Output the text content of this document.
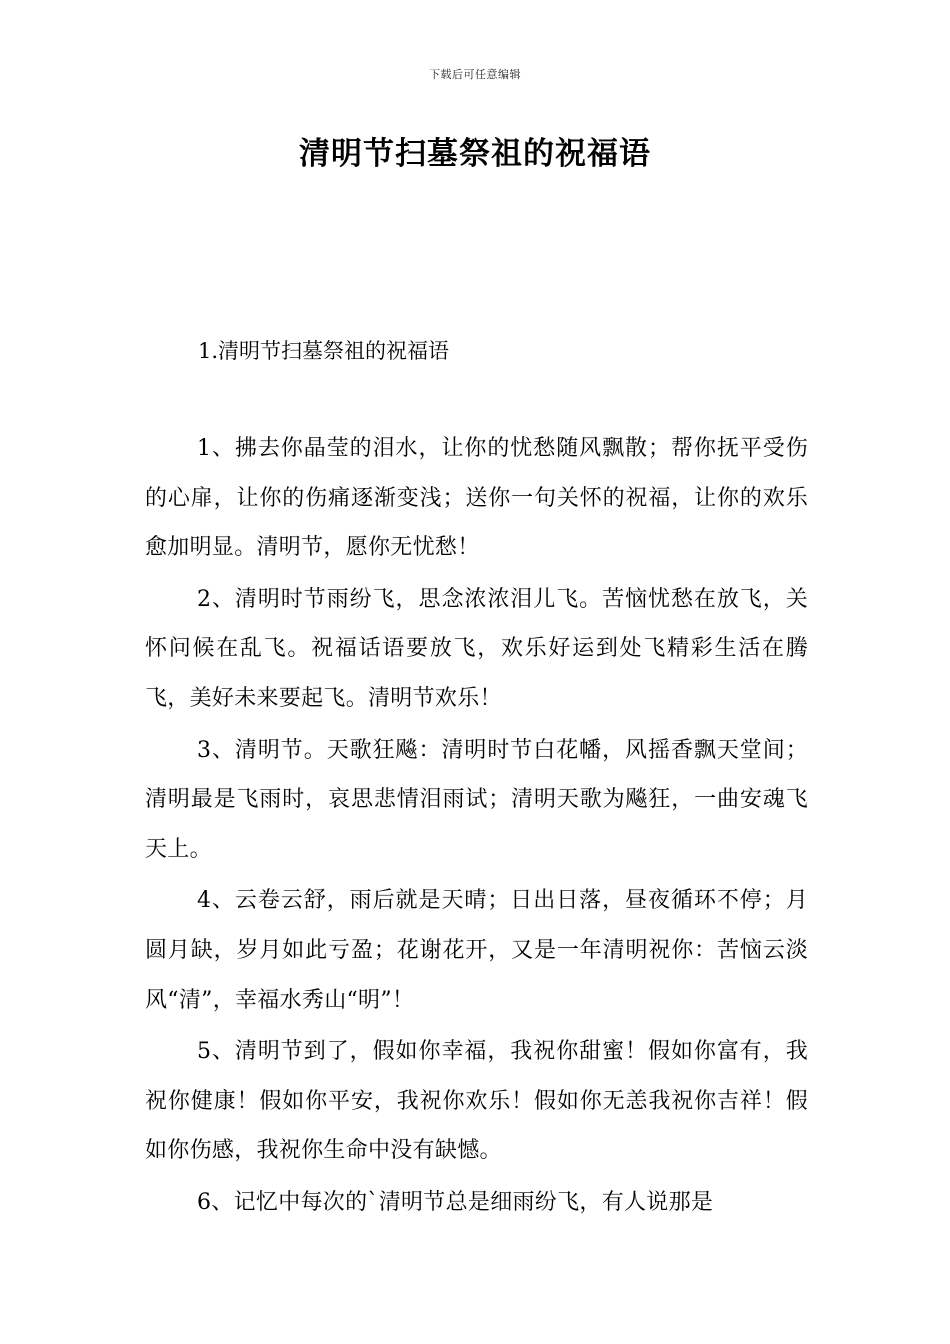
下载后可任意编辑
清明节扫墓祭祖的祝福语
1.清明节扫墓祭祖的祝福语

1、拂去你晶莹的泪水，让你的忧愁随风飘散；帮你抚平受伤的心扉，让你的伤痛逐渐变浅；送你一句关怀的祝福，让你的欢乐愈加明显。清明节，愿你无忧愁！

2、清明时节雨纷飞，思念浓浓泪儿飞。苦恼忧愁在放飞，关怀问候在乱飞。祝福话语要放飞，欢乐好运到处飞精彩生活在腾飞，美好未来要起飞。清明节欢乐！

3、清明节。天歌狂飚：清明时节白花幡，风摇香飘天堂间；清明最是飞雨时，哀思悲情泪雨试；清明天歌为飚狂，一曲安魂飞天上。

4、云卷云舒，雨后就是天晴；日出日落，昼夜循环不停；月圆月缺，岁月如此亏盈；花谢花开，又是一年清明祝你：苦恼云淡风“清”，幸福水秀山“明”！

5、清明节到了，假如你幸福，我祝你甜蜜！假如你富有，我祝你健康！假如你平安，我祝你欢乐！假如你无恙我祝你吉祥！假如你伤感，我祝你生命中没有缺憾。

6、记忆中每次的`清明节总是细雨纷飞，有人说那是
